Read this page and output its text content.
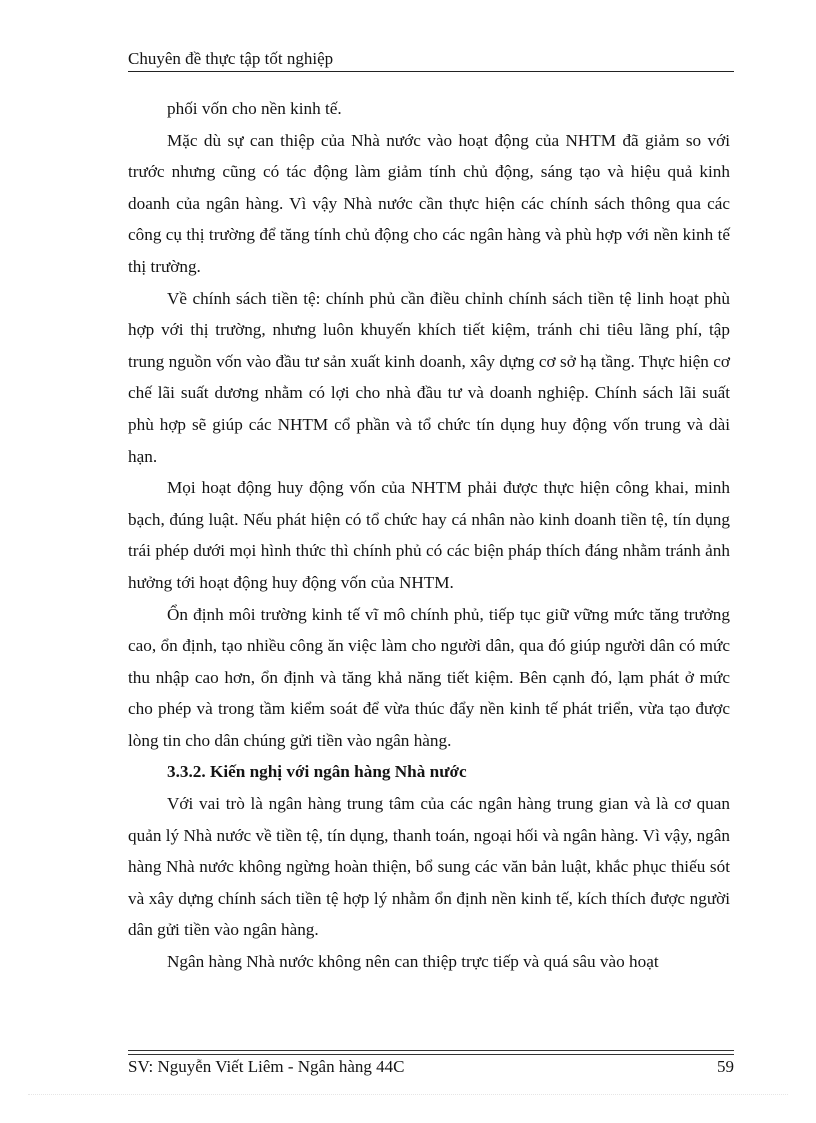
Chuyên đề thực tập tốt nghiệp

phối vốn cho nền kinh tế.

Mặc dù sự can thiệp của Nhà nước vào hoạt động của NHTM đã giảm so với trước nhưng cũng có tác động làm giảm tính chủ động, sáng tạo và hiệu quả kinh doanh của ngân hàng. Vì vậy Nhà nước cần thực hiện các chính sách thông qua các công cụ thị trường để tăng tính chủ động cho các ngân hàng và phù hợp với nền kinh tế thị trường.

Về chính sách tiền tệ: chính phủ cần điều chỉnh chính sách tiền tệ linh hoạt phù hợp với thị trường, nhưng luôn khuyến khích tiết kiệm, tránh chi tiêu lãng phí, tập trung nguồn vốn vào đầu tư sản xuất kinh doanh, xây dựng cơ sở hạ tầng. Thực hiện cơ chế lãi suất dương nhằm có lợi cho nhà đầu tư và doanh nghiệp. Chính sách lãi suất phù hợp sẽ giúp các NHTM cổ phần và tổ chức tín dụng huy động vốn trung và dài hạn.

Mọi hoạt động huy động vốn của NHTM phải được thực hiện công khai, minh bạch, đúng luật. Nếu phát hiện có tổ chức hay cá nhân nào kinh doanh tiền tệ, tín dụng trái phép dưới mọi hình thức thì chính phủ có các biện pháp thích đáng nhằm tránh ảnh hưởng tới hoạt động huy động vốn của NHTM.

Ổn định môi trường kinh tế vĩ mô chính phủ, tiếp tục giữ vững mức tăng trưởng cao, ổn định, tạo nhiều công ăn việc làm cho người dân, qua đó giúp người dân có mức thu nhập cao hơn, ổn định và tăng khả năng tiết kiệm. Bên cạnh đó, lạm phát ở mức cho phép và trong tầm kiểm soát để vừa thúc đẩy nền kinh tế phát triển, vừa tạo được lòng tin cho dân chúng gửi tiền vào ngân hàng.

3.3.2. Kiến nghị với ngân hàng Nhà nước

Với vai trò là ngân hàng trung tâm của các ngân hàng trung gian và là cơ quan quản lý Nhà nước về tiền tệ, tín dụng, thanh toán, ngoại hối và ngân hàng. Vì vậy, ngân hàng Nhà nước không ngừng hoàn thiện, bổ sung các văn bản luật, khắc phục thiếu sót và xây dựng chính sách tiền tệ hợp lý nhằm ổn định nền kinh tế, kích thích được người dân gửi tiền vào ngân hàng.

Ngân hàng Nhà nước không nên can thiệp trực tiếp và quá sâu vào hoạt

SV: Nguyễn Viết Liêm - Ngân hàng 44C	59
